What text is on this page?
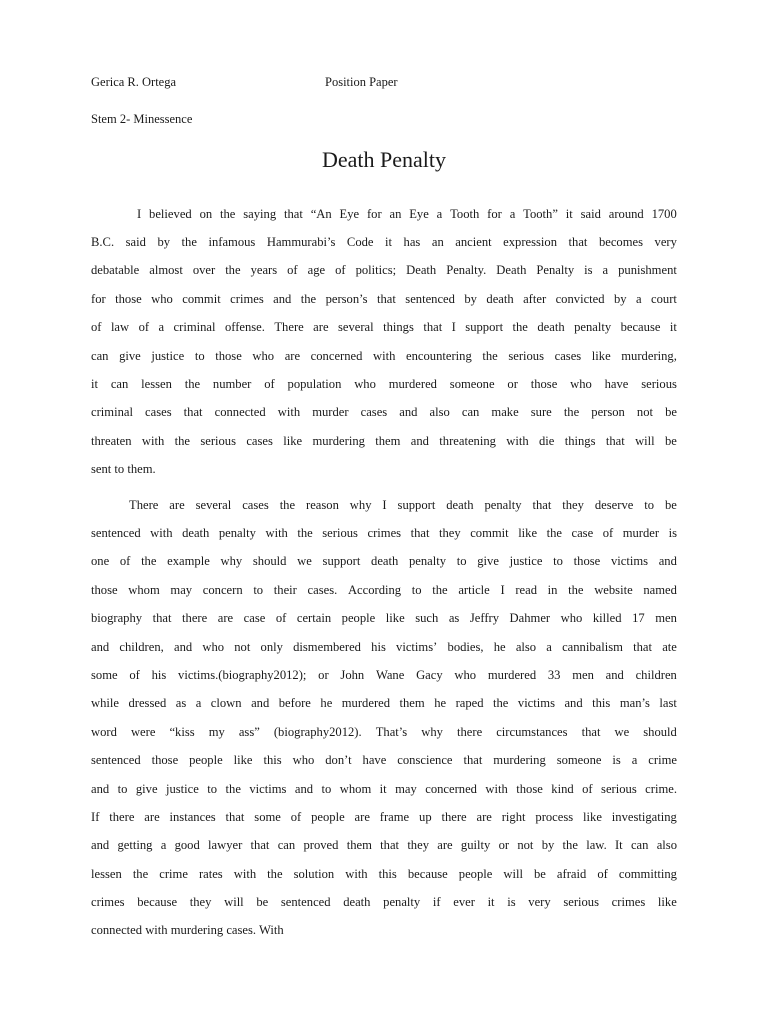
Gerica R. Ortega	Position Paper
Stem 2- Minessence
Death Penalty
I believed on the saying that “An Eye for an Eye a Tooth for a Tooth” it said around 1700
B.C. said by the infamous Hammurabi’s Code it has an ancient expression that becomes very
debatable almost over the years of age of politics; Death Penalty. Death Penalty is a punishment
for those who commit crimes and the person’s that sentenced by death after convicted by a court
of law of a criminal offense. There are several things that I support the death penalty because it
can give justice to those who are concerned with encountering the serious cases like murdering,
it can lessen the number of population who murdered someone or those who have serious
criminal cases that connected with murder cases and also can make sure the person not be
threaten with the serious cases like murdering them and threatening with die things that will be
sent to them.
There are several cases the reason why I support death penalty that they deserve to be
sentenced with death penalty with the serious crimes that they commit like the case of murder is
one of the example why should we support death penalty to give justice to those victims and
those whom may concern to their cases. According to the article I read in the website named
biography that there are case of certain people like such as Jeffry Dahmer who killed 17 men
and children, and who not only dismembered his victims’ bodies, he also a cannibalism that ate
some of his victims.(biography2012); or John Wane Gacy who murdered 33 men and children
while dressed as a clown and before he murdered them he raped the victims and this man’s last
word were “kiss my ass” (biography2012). That’s why there circumstances that we should
sentenced those people like this who don’t have conscience that murdering someone is a crime
and to give justice to the victims and to whom it may concerned with those kind of serious crime.
If there are instances that some of people are frame up there are right process like investigating
and getting a good lawyer that can proved them that they are guilty or not by the law. It can also
lessen the crime rates with the solution with this because people will be afraid of committing
crimes because they will be sentenced death penalty if ever it is very serious crimes like
connected with murdering cases. With
